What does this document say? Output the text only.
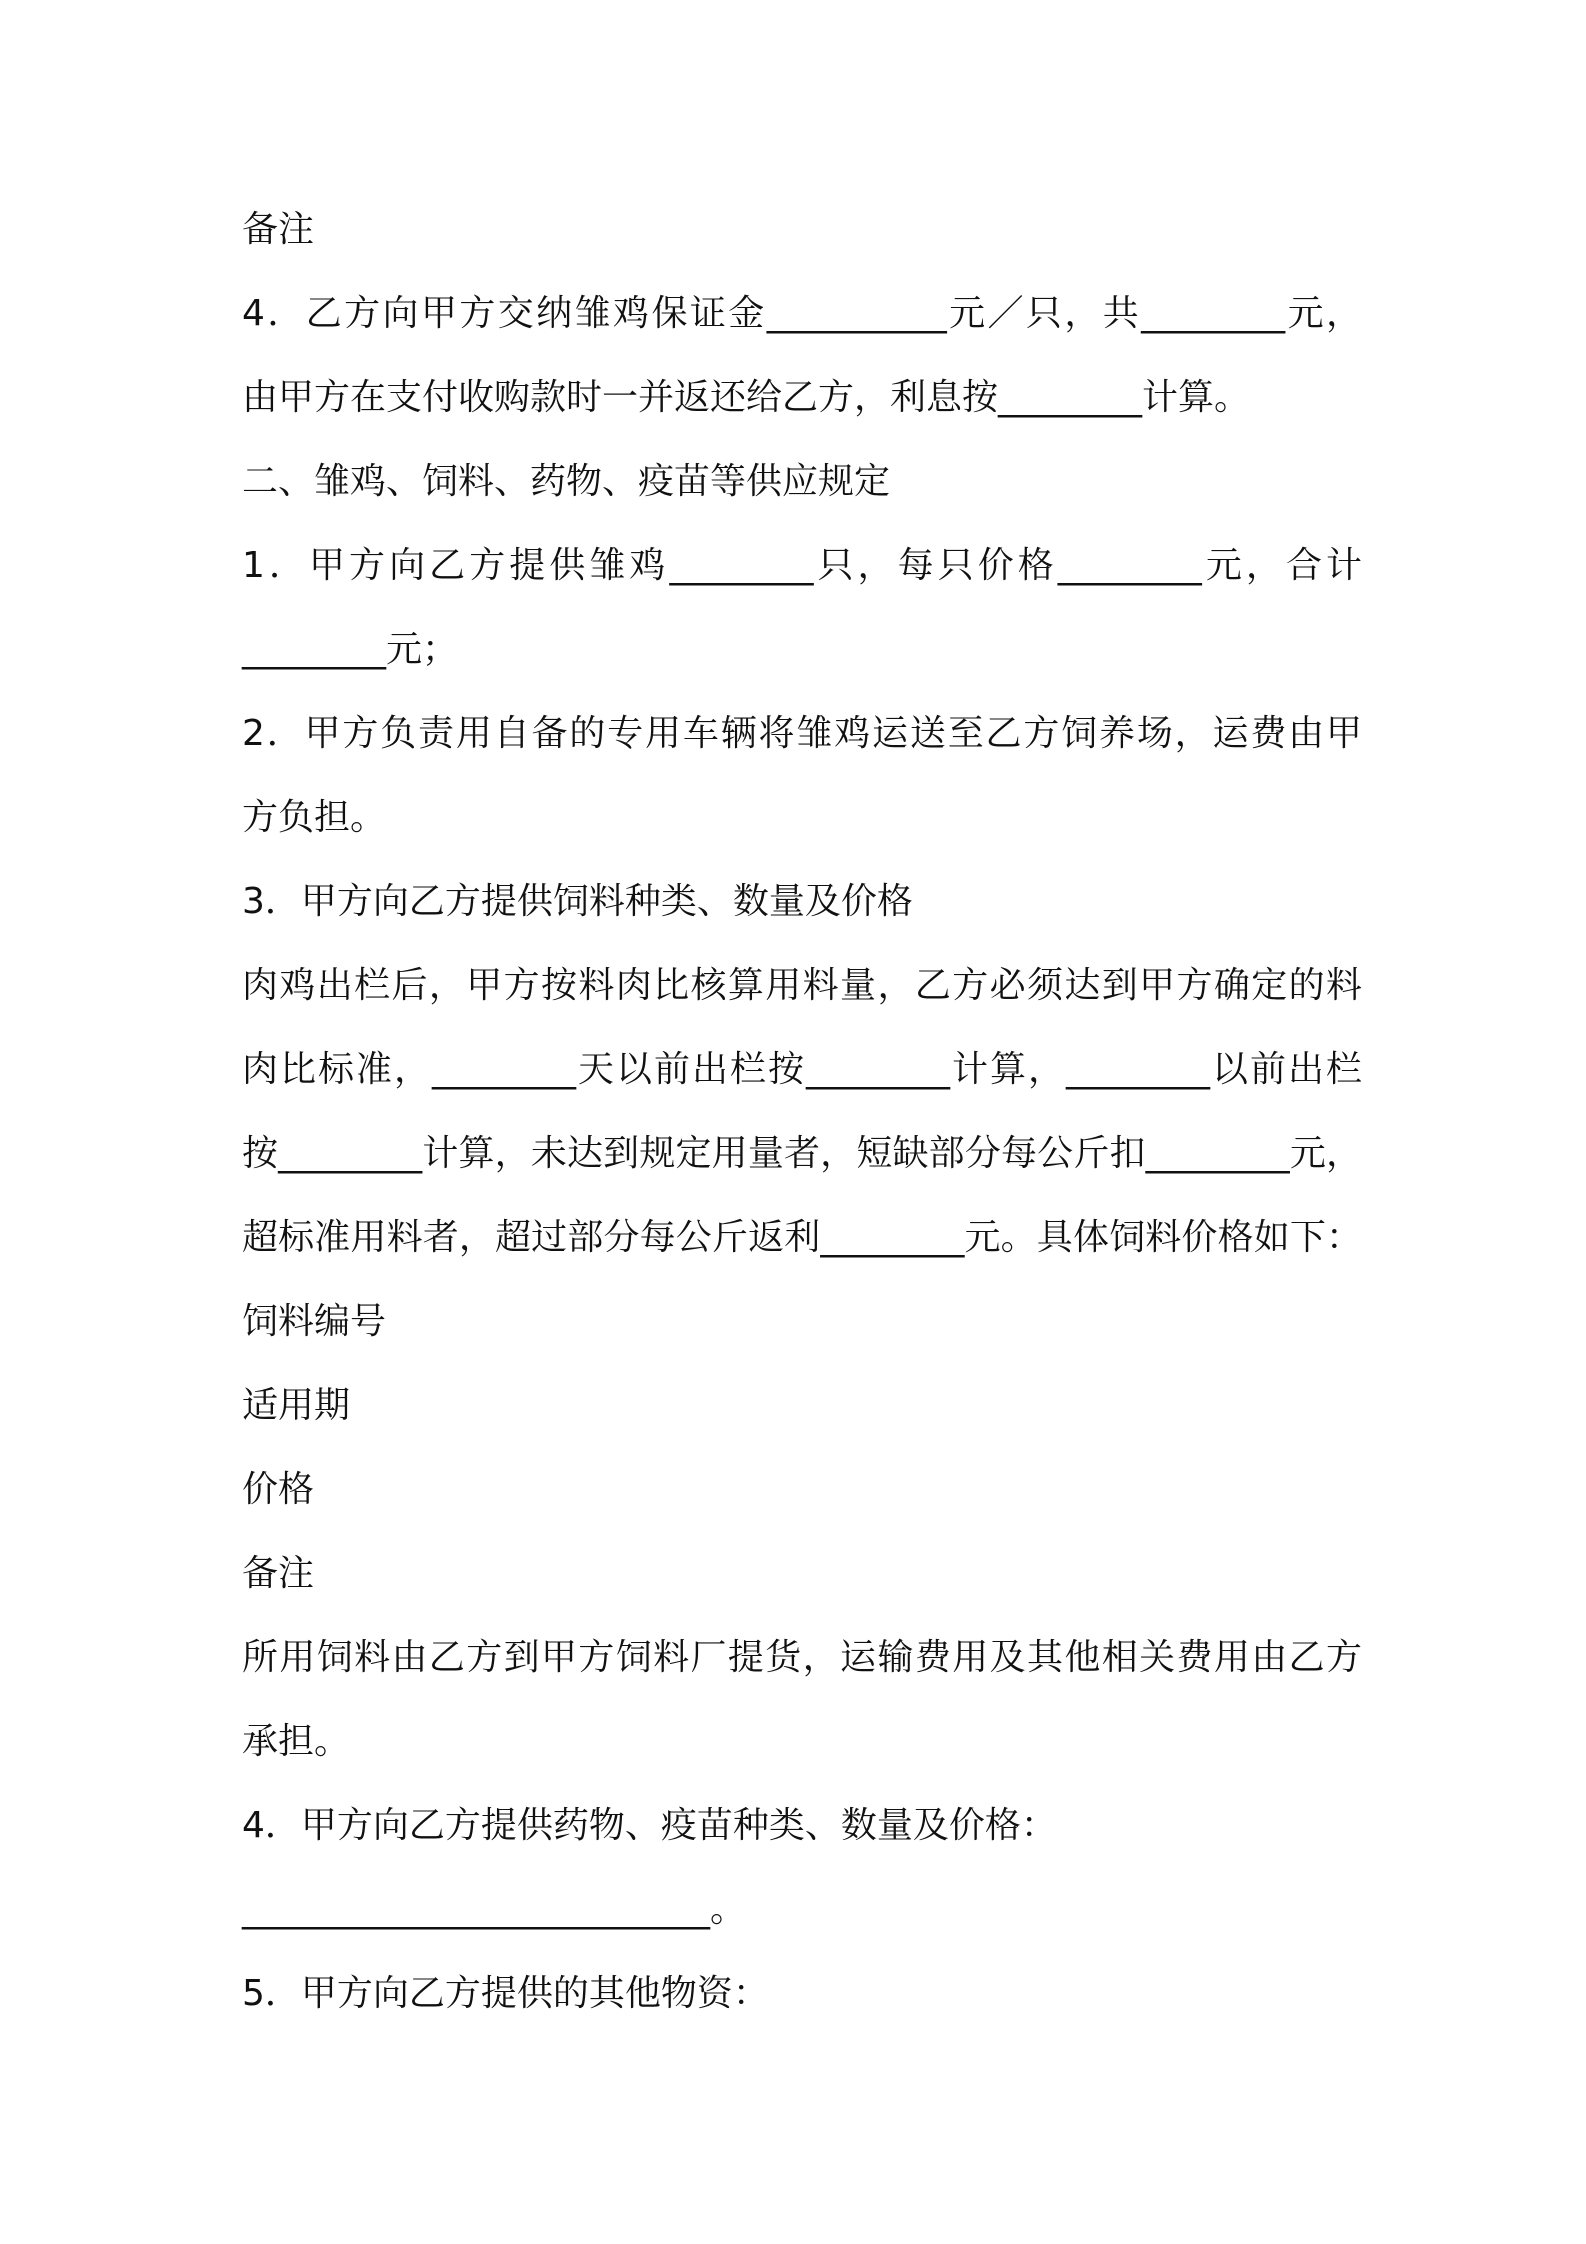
备注

4．乙方向甲方交纳雏鸡保证金__________元／只，共________元，

由甲方在支付收购款时一并返还给乙方，利息按________计算。

二、雏鸡、饲料、药物、疫苗等供应规定

1．甲方向乙方提供雏鸡________只，每只价格________元，合计

________元；

2．甲方负责用自备的专用车辆将雏鸡运送至乙方饲养场，运费由甲

方负担。

3．甲方向乙方提供饲料种类、数量及价格

肉鸡出栏后，甲方按料肉比核算用料量，乙方必须达到甲方确定的料

肉比标准，________天以前出栏按________计算，________以前出栏

按________计算，未达到规定用量者，短缺部分每公斤扣________元，

超标准用料者，超过部分每公斤返利________元。具体饲料价格如下：

饲料编号

适用期

价格

备注

所用饲料由乙方到甲方饲料厂提货，运输费用及其他相关费用由乙方

承担。

4．甲方向乙方提供药物、疫苗种类、数量及价格：

__________________________。

5．甲方向乙方提供的其他物资：
